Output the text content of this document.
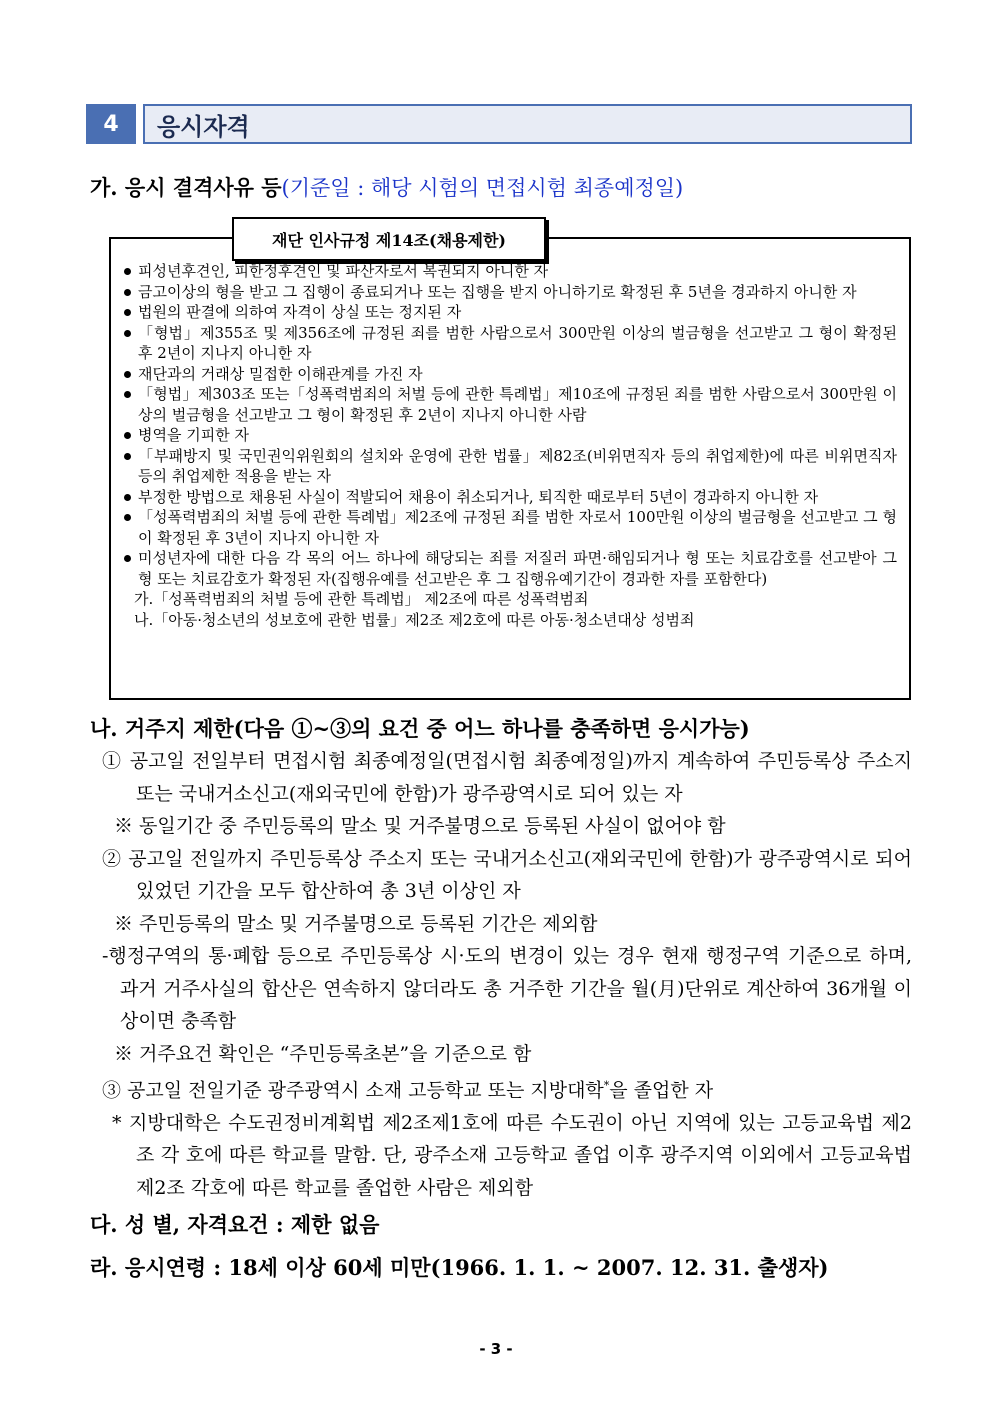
4	응시자격
가. 응시 결격사유 등(기준일 : 해당 시험의 면접시험 최종예정일)
재단 인사규정 제14조(채용제한)
피성년후견인, 피한정후견인 및 파산자로서 복권되지 아니한 자
금고이상의 형을 받고 그 집행이 종료되거나 또는 집행을 받지 아니하기로 확정된 후 5년을 경과하지 아니한 자
법원의 판결에 의하여 자격이 상실 또는 정지된 자
「형법」제355조 및 제356조에 규정된 죄를 범한 사람으로서 300만원 이상의 벌금형을 선고받고 그 형이 확정된 후 2년이 지나지 아니한 자
재단과의 거래상 밀접한 이해관계를 가진 자
「형법」제303조 또는「성폭력범죄의 처벌 등에 관한 특례법」제10조에 규정된 죄를 범한 사람으로서 300만원 이상의 벌금형을 선고받고 그 형이 확정된 후 2년이 지나지 아니한 사람
병역을 기피한 자
「부패방지 및 국민권익위원회의 설치와 운영에 관한 법률」제82조(비위면직자 등의 취업제한)에 따른 비위면직자 등의 취업제한 적용을 받는 자
부정한 방법으로 채용된 사실이 적발되어 채용이 취소되거나, 퇴직한 때로부터 5년이 경과하지 아니한 자
「성폭력범죄의 처벌 등에 관한 특례법」제2조에 규정된 죄를 범한 자로서 100만원 이상의 벌금형을 선고받고 그 형이 확정된 후 3년이 지나지 아니한 자
미성년자에 대한 다음 각 목의 어느 하나에 해당되는 죄를 저질러 파면·해임되거나 형 또는 치료감호를 선고받아 그 형 또는 치료감호가 확정된 자(집행유예를 선고받은 후 그 집행유예기간이 경과한 자를 포함한다)
가.「성폭력범죄의 처벌 등에 관한 특례법」 제2조에 따른 성폭력범죄
나.「아동·청소년의 성보호에 관한 법률」제2조 제2호에 따른 아동·청소년대상 성범죄
나. 거주지 제한(다음 ①~③의 요건 중 어느 하나를 충족하면 응시가능)
① 공고일 전일부터 면접시험 최종예정일(면접시험 최종예정일)까지 계속하여 주민등록상 주소지 또는 국내거소신고(재외국민에 한함)가 광주광역시로 되어 있는 자
※ 동일기간 중 주민등록의 말소 및 거주불명으로 등록된 사실이 없어야 함
② 공고일 전일까지 주민등록상 주소지 또는 국내거소신고(재외국민에 한함)가 광주광역시로 되어 있었던 기간을 모두 합산하여 총 3년 이상인 자
※ 주민등록의 말소 및 거주불명으로 등록된 기간은 제외함
-행정구역의 통·폐합 등으로 주민등록상 시·도의 변경이 있는 경우 현재 행정구역 기준으로 하며, 과거 거주사실의 합산은 연속하지 않더라도 총 거주한 기간을 월(月)단위로 계산하여 36개월 이상이면 충족함
※ 거주요건 확인은 “주민등록초본”을 기준으로 함
③ 공고일 전일기준 광주광역시 소재 고등학교 또는 지방대학*을 졸업한 자
* 지방대학은 수도권정비계획법 제2조제1호에 따른 수도권이 아닌 지역에 있는 고등교육법 제2조 각 호에 따른 학교를 말함. 단, 광주소재 고등학교 졸업 이후 광주지역 이외에서 고등교육법 제2조 각호에 따른 학교를 졸업한 사람은 제외함
다. 성 별, 자격요건 : 제한 없음
라. 응시연령 : 18세 이상 60세 미만(1966. 1. 1. ~ 2007. 12. 31. 출생자)
- 3 -
